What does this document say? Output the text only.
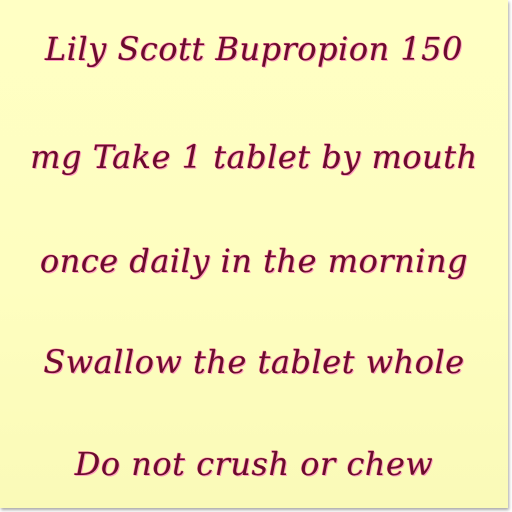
Lily Scott Bupropion 150
mg Take 1 tablet by mouth
once daily in the morning
Swallow the tablet whole
Do not crush or chew
